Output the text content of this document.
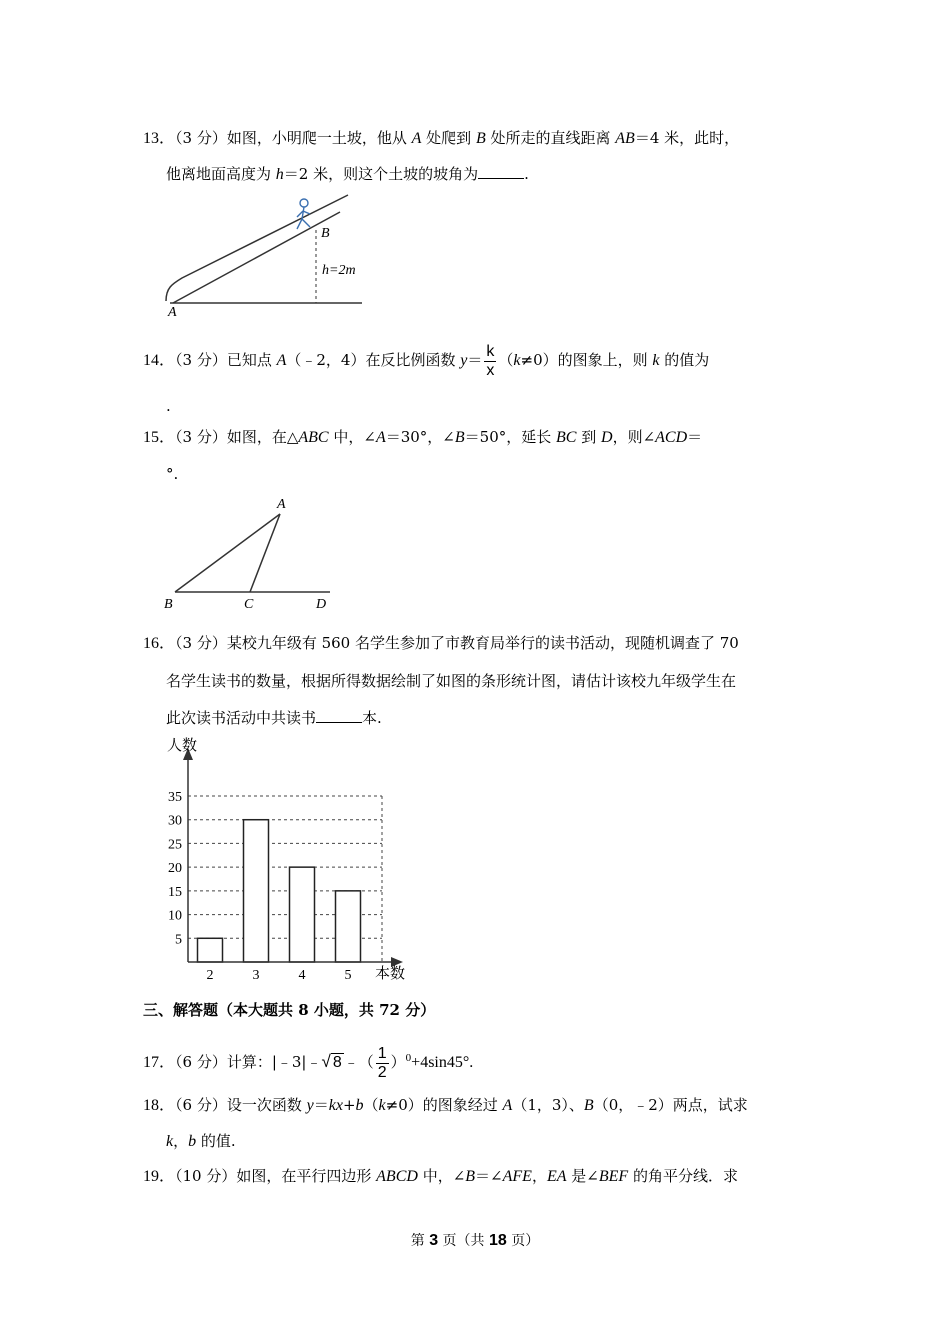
13．（3 分）如图，小明爬一土坡，他从 A 处爬到 B 处所走的直线距离 AB＝4 米，此时，
他离地面高度为 h＝2 米，则这个土坡的坡角为	.
A
B
h=2m
14．（3 分）已知点 A（﹣2，4）在反比例函数 $y= \frac{k}{x} (k\ne 0)$的图象上，则 k 的值为
.
15．（3 分）如图，在△ABC 中，∠A＝30°，∠B＝50°，延长 BC 到 D，则∠ACD＝
°.
A
B	C	D
16．（3 分）某校九年级有 560 名学生参加了市教育局举行的读书活动，现随机调查了 70
名学生读书的数量，根据所得数据绘制了如图的条形统计图，请估计该校九年级学生在
此次读书活动中共读书	本.
人数
本数
5
10
15
20
25
30
35
2	3	4	5
三、解答题（本大题共 8 小题，共 72 分）
17．（6 分）计算：|﹣3|﹣√ 8 ﹣（ $\frac{1}{2} )^0+4\sin 45^\circ$.
18．（6 分）设一次函数 y＝kx+b（k≠0）的图象经过 A（1，3）、B（0，﹣2）两点，试求
k，b 的值.
19．（10 分）如图，在平行四边形 ABCD 中，∠B＝∠AFE，EA 是∠BEF 的角平分线．求
第 3 页（共 18 页）
